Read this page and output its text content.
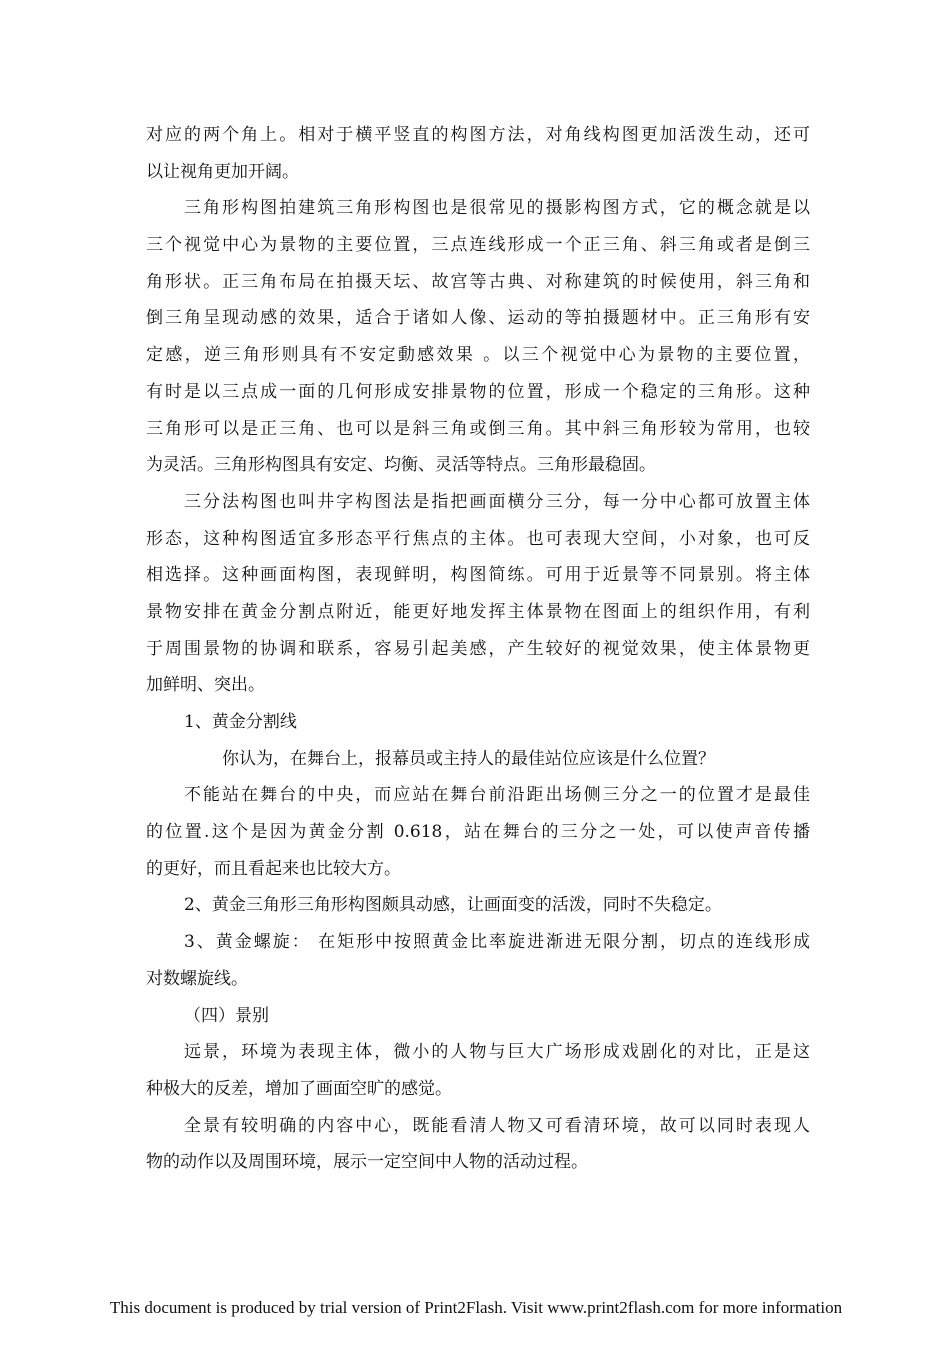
对应的两个角上。相对于横平竖直的构图方法，对角线构图更加活泼生动，还可
以让视角更加开阔。
三角形构图拍建筑三角形构图也是很常见的摄影构图方式，它的概念就是以
三个视觉中心为景物的主要位置，三点连线形成一个正三角、斜三角或者是倒三
角形状。正三角布局在拍摄天坛、故宫等古典、对称建筑的时候使用，斜三角和
倒三角呈现动感的效果，适合于诸如人像、运动的等拍摄题材中。正三角形有安
定感，逆三角形则具有不安定動感效果 。以三个视觉中心为景物的主要位置，
有时是以三点成一面的几何形成安排景物的位置，形成一个稳定的三角形。这种
三角形可以是正三角、也可以是斜三角或倒三角。其中斜三角形较为常用，也较
为灵活。三角形构图具有安定、均衡、灵活等特点。三角形最稳固。
三分法构图也叫井字构图法是指把画面横分三分，每一分中心都可放置主体
形态，这种构图适宜多形态平行焦点的主体。也可表现大空间，小对象，也可反
相选择。这种画面构图，表现鲜明，构图简练。可用于近景等不同景别。将主体
景物安排在黄金分割点附近，能更好地发挥主体景物在图面上的组织作用，有利
于周围景物的协调和联系，容易引起美感，产生较好的视觉效果，使主体景物更
加鲜明、突出。
1、黄金分割线
你认为，在舞台上，报幕员或主持人的最佳站位应该是什么位置？
不能站在舞台的中央，而应站在舞台前沿距出场侧三分之一的位置才是最佳
的位置.这个是因为黄金分割 0.618，站在舞台的三分之一处，可以使声音传播
的更好，而且看起来也比较大方。
2、黄金三角形三角形构图颇具动感，让画面变的活泼，同时不失稳定。
3、黄金螺旋： 在矩形中按照黄金比率旋进渐进无限分割，切点的连线形成
对数螺旋线。
（四）景别
远景，环境为表现主体，微小的人物与巨大广场形成戏剧化的对比，正是这
种极大的反差，增加了画面空旷的感觉。
全景有较明确的内容中心，既能看清人物又可看清环境，故可以同时表现人
物的动作以及周围环境，展示一定空间中人物的活动过程。
This document is produced by trial version of Print2Flash. Visit www.print2flash.com for more information
